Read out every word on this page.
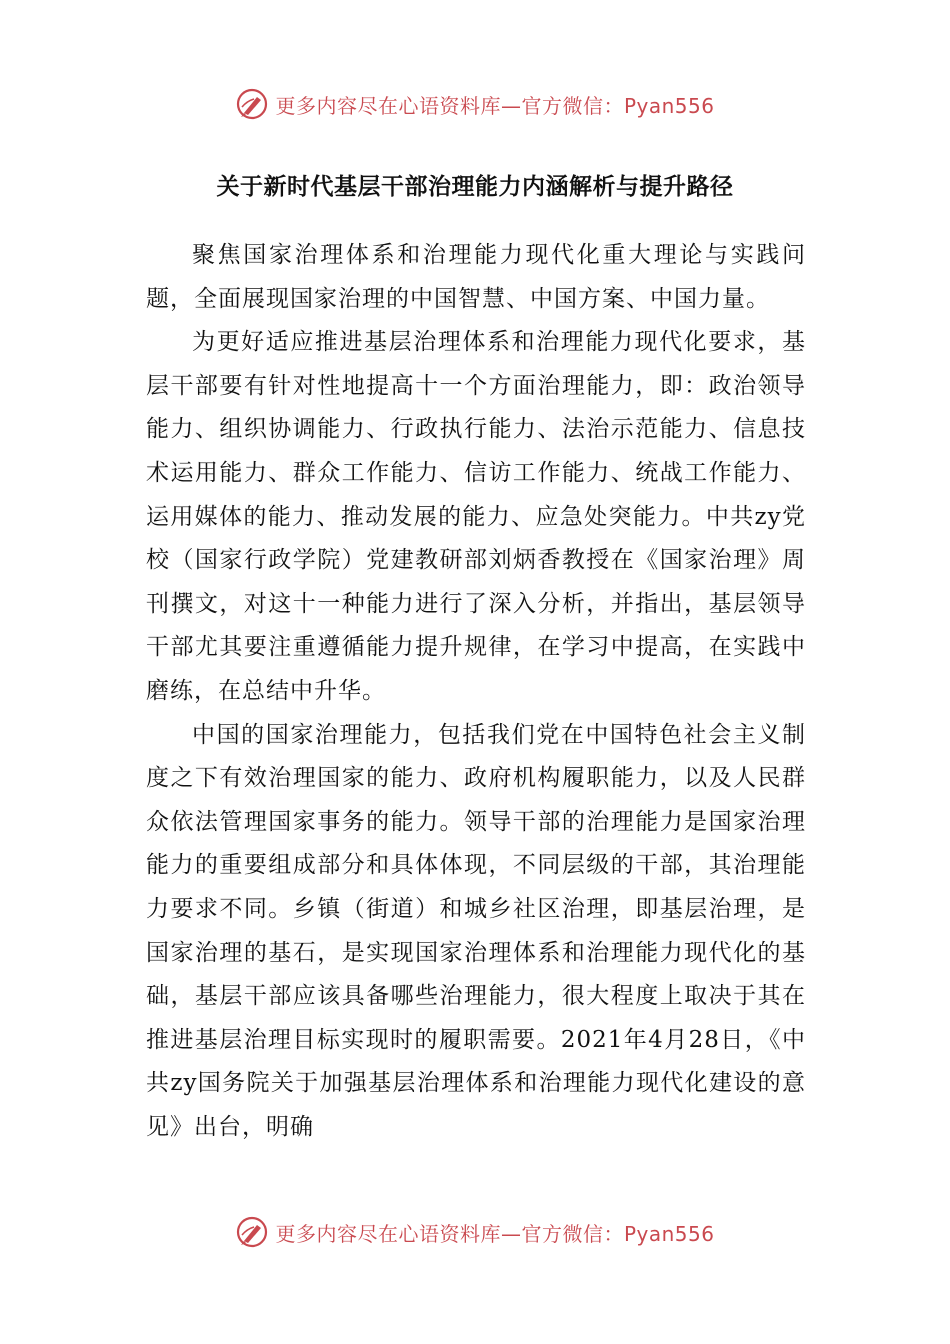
更多内容尽在心语资料库—官方微信：Pyan556
关于新时代基层干部治理能力内涵解析与提升路径

聚焦国家治理体系和治理能力现代化重大理论与实践问题，全面展现国家治理的中国智慧、中国方案、中国力量。

为更好适应推进基层治理体系和治理能力现代化要求，基层干部要有针对性地提高十一个方面治理能力，即：政治领导能力、组织协调能力、行政执行能力、法治示范能力、信息技术运用能力、群众工作能力、信访工作能力、统战工作能力、运用媒体的能力、推动发展的能力、应急处突能力。中共zy党校（国家行政学院）党建教研部刘炳香教授在《国家治理》周刊撰文，对这十一种能力进行了深入分析，并指出，基层领导干部尤其要注重遵循能力提升规律，在学习中提高，在实践中磨练，在总结中升华。

中国的国家治理能力，包括我们党在中国特色社会主义制度之下有效治理国家的能力、政府机构履职能力，以及人民群众依法管理国家事务的能力。领导干部的治理能力是国家治理能力的重要组成部分和具体体现，不同层级的干部，其治理能力要求不同。乡镇（街道）和城乡社区治理，即基层治理，是国家治理的基石，是实现国家治理体系和治理能力现代化的基础，基层干部应该具备哪些治理能力，很大程度上取决于其在推进基层治理目标实现时的履职需要。2021年4月28日，《中共zy国务院关于加强基层治理体系和治理能力现代化建设的意见》出台，明确

更多内容尽在心语资料库—官方微信：Pyan556
